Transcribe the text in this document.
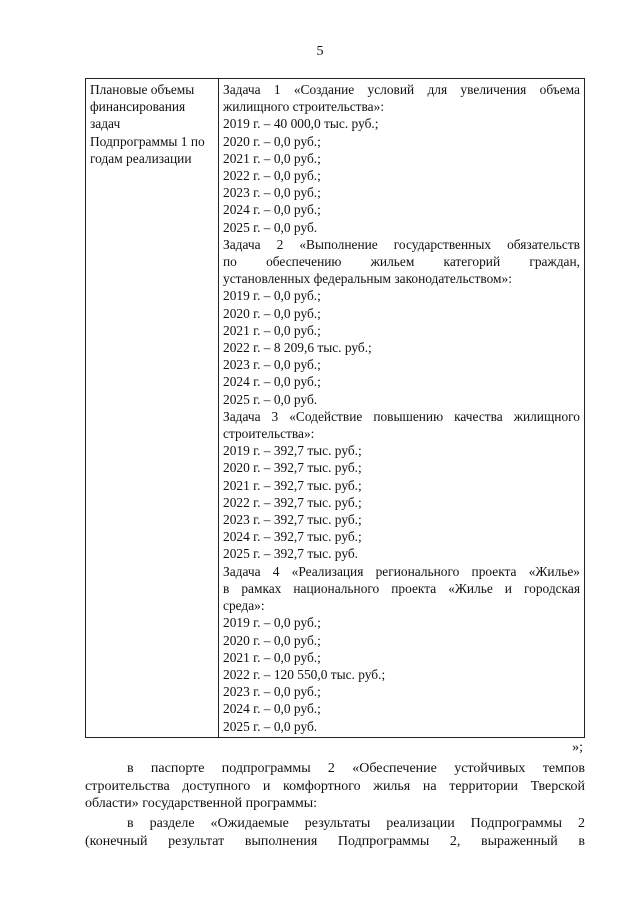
5
Плановые объемы
финансирования
задач
Подпрограммы 1 по
годам реализации

Задача 1 «Создание условий для увеличения объема
жилищного строительства»:
2019 г. – 40 000,0 тыс. руб.;
2020 г. – 0,0 руб.;
2021 г. – 0,0 руб.;
2022 г. – 0,0 руб.;
2023 г. – 0,0 руб.;
2024 г. – 0,0 руб.;
2025 г. – 0,0 руб.
Задача 2 «Выполнение государственных обязательств
по обеспечению жильем категорий граждан,
установленных федеральным законодательством»:
2019 г. – 0,0 руб.;
2020 г. – 0,0 руб.;
2021 г. – 0,0 руб.;
2022 г. – 8 209,6 тыс. руб.;
2023 г. – 0,0 руб.;
2024 г. – 0,0 руб.;
2025 г. – 0,0 руб.
Задача 3 «Содействие повышению качества жилищного
строительства»:
2019 г. – 392,7 тыс. руб.;
2020 г. – 392,7 тыс. руб.;
2021 г. – 392,7 тыс. руб.;
2022 г. – 392,7 тыс. руб.;
2023 г. – 392,7 тыс. руб.;
2024 г. – 392,7 тыс. руб.;
2025 г. – 392,7 тыс. руб.
Задача 4 «Реализация регионального проекта «Жилье»
в рамках национального проекта «Жилье и городская
среда»:
2019 г. – 0,0 руб.;
2020 г. – 0,0 руб.;
2021 г. – 0,0 руб.;
2022 г. – 120 550,0 тыс. руб.;
2023 г. – 0,0 руб.;
2024 г. – 0,0 руб.;
2025 г. – 0,0 руб.
»;
в паспорте подпрограммы 2 «Обеспечение устойчивых темпов
строительства доступного и комфортного жилья на территории Тверской
области» государственной программы:
в разделе «Ожидаемые результаты реализации Подпрограммы 2
(конечный результат выполнения Подпрограммы 2, выраженный в
